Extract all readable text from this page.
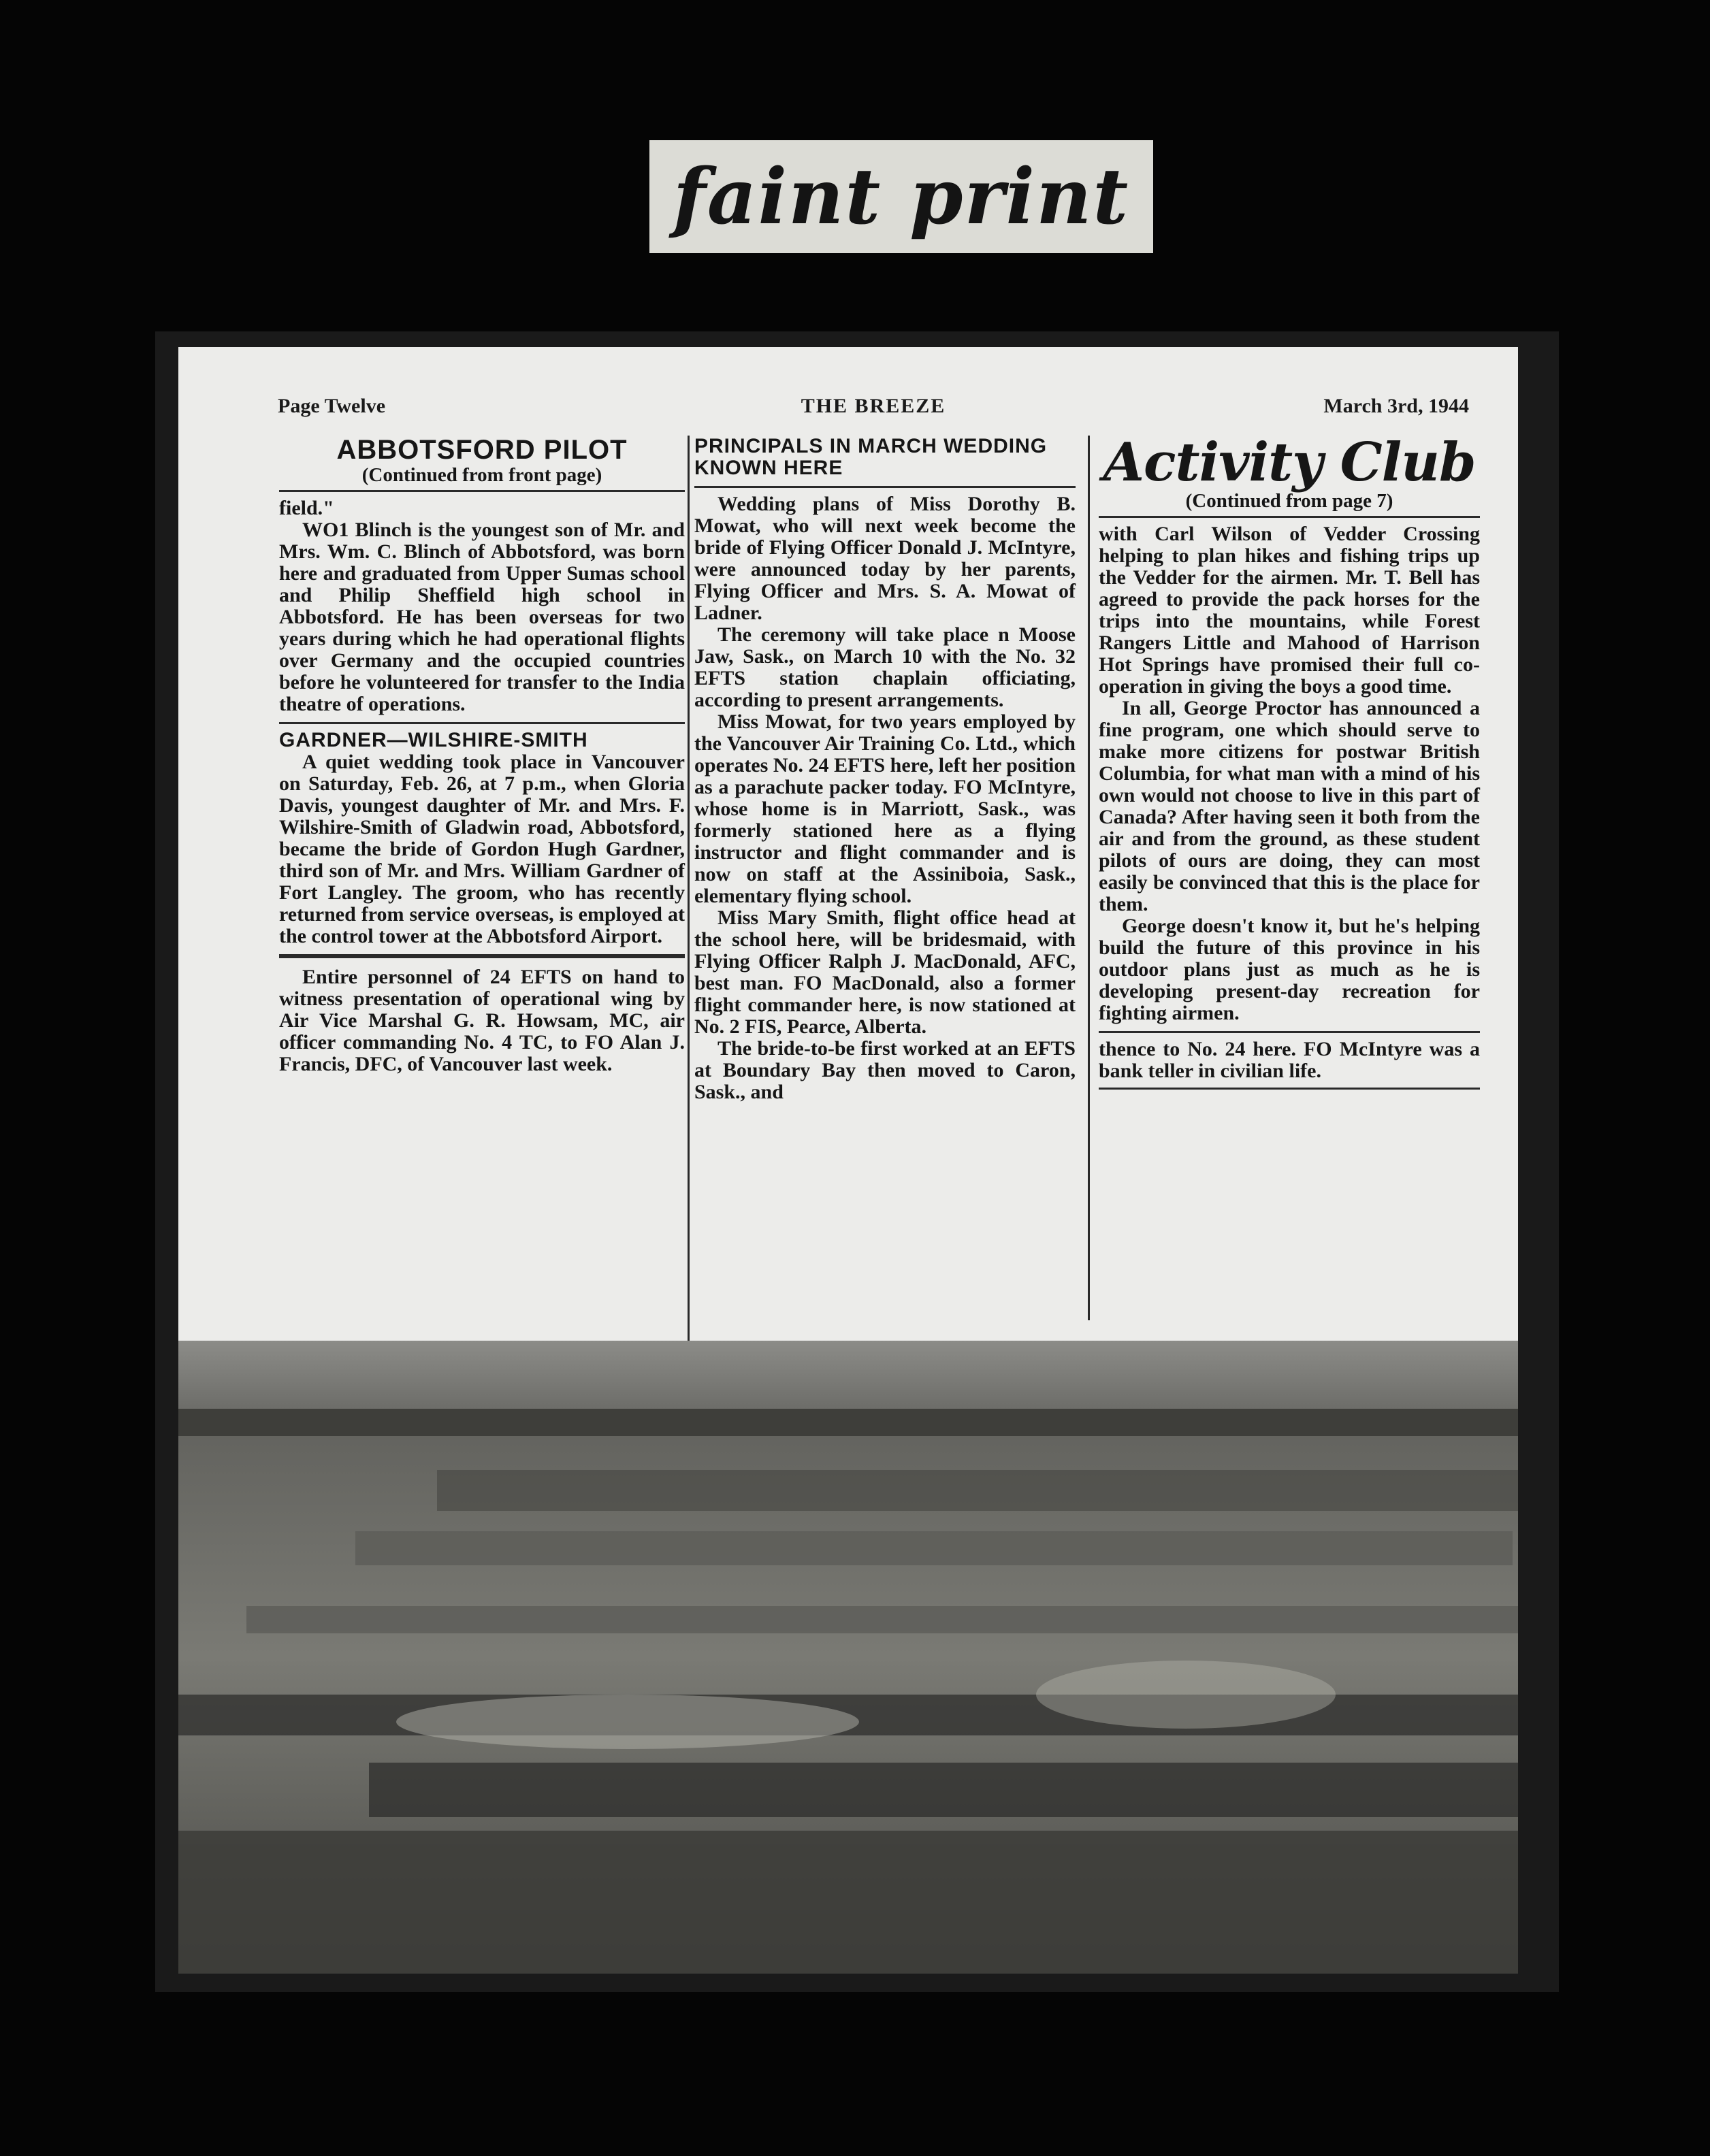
faint print
Page Twelve	THE BREEZE	March 3rd, 1944
ABBOTSFORD PILOT
(Continued from front page)

field."

WO1 Blinch is the youngest son of Mr. and Mrs. Wm. C. Blinch of Abbotsford, was born here and graduated from Upper Sumas school and Philip Sheffield high school in Abbotsford. He has been overseas for two years during which he had operational flights over Germany and the occupied countries before he volunteered for transfer to the India theatre of operations.

GARDNER—WILSHIRE-SMITH

A quiet wedding took place in Vancouver on Saturday, Feb. 26, at 7 p.m., when Gloria Davis, youngest daughter of Mr. and Mrs. F. Wilshire-Smith of Gladwin road, Abbotsford, became the bride of Gordon Hugh Gardner, third son of Mr. and Mrs. William Gardner of Fort Langley. The groom, who has recently returned from service overseas, is employed at the control tower at the Abbotsford Airport.

Entire personnel of 24 EFTS on hand to witness presentation of operational wing by Air Vice Marshal G. R. Howsam, MC, air officer commanding No. 4 TC, to FO Alan J. Francis, DFC, of Vancouver last week.

PRINCIPALS IN MARCH WEDDING KNOWN HERE

Wedding plans of Miss Dorothy B. Mowat, who will next week become the bride of Flying Officer Donald J. McIntyre, were announced today by her parents, Flying Officer and Mrs. S. A. Mowat of Ladner.

The ceremony will take place n Moose Jaw, Sask., on March 10 with the No. 32 EFTS station chaplain officiating, according to present arrangements.

Miss Mowat, for two years employed by the Vancouver Air Training Co. Ltd., which operates No. 24 EFTS here, left her position as a parachute packer today. FO McIntyre, whose home is in Marriott, Sask., was formerly stationed here as a flying instructor and flight commander and is now on staff at the Assiniboia, Sask., elementary flying school.

Miss Mary Smith, flight office head at the school here, will be bridesmaid, with Flying Officer Ralph J. MacDonald, AFC, best man. FO MacDonald, also a former flight commander here, is now stationed at No. 2 FIS, Pearce, Alberta.

The bride-to-be first worked at an EFTS at Boundary Bay then moved to Caron, Sask., and

Activity Club
(Continued from page 7)

with Carl Wilson of Vedder Crossing helping to plan hikes and fishing trips up the Vedder for the airmen. Mr. T. Bell has agreed to provide the pack horses for the trips into the mountains, while Forest Rangers Little and Mahood of Harrison Hot Springs have promised their full co-operation in giving the boys a good time.

In all, George Proctor has announced a fine program, one which should serve to make more citizens for postwar British Columbia, for what man with a mind of his own would not choose to live in this part of Canada? After having seen it both from the air and from the ground, as these student pilots of ours are doing, they can most easily be convinced that this is the place for them.

George doesn't know it, but he's helping build the future of this province in his outdoor plans just as much as he is developing present-day recreation for fighting airmen.

thence to No. 24 here. FO McIntyre was a bank teller in civilian life.
